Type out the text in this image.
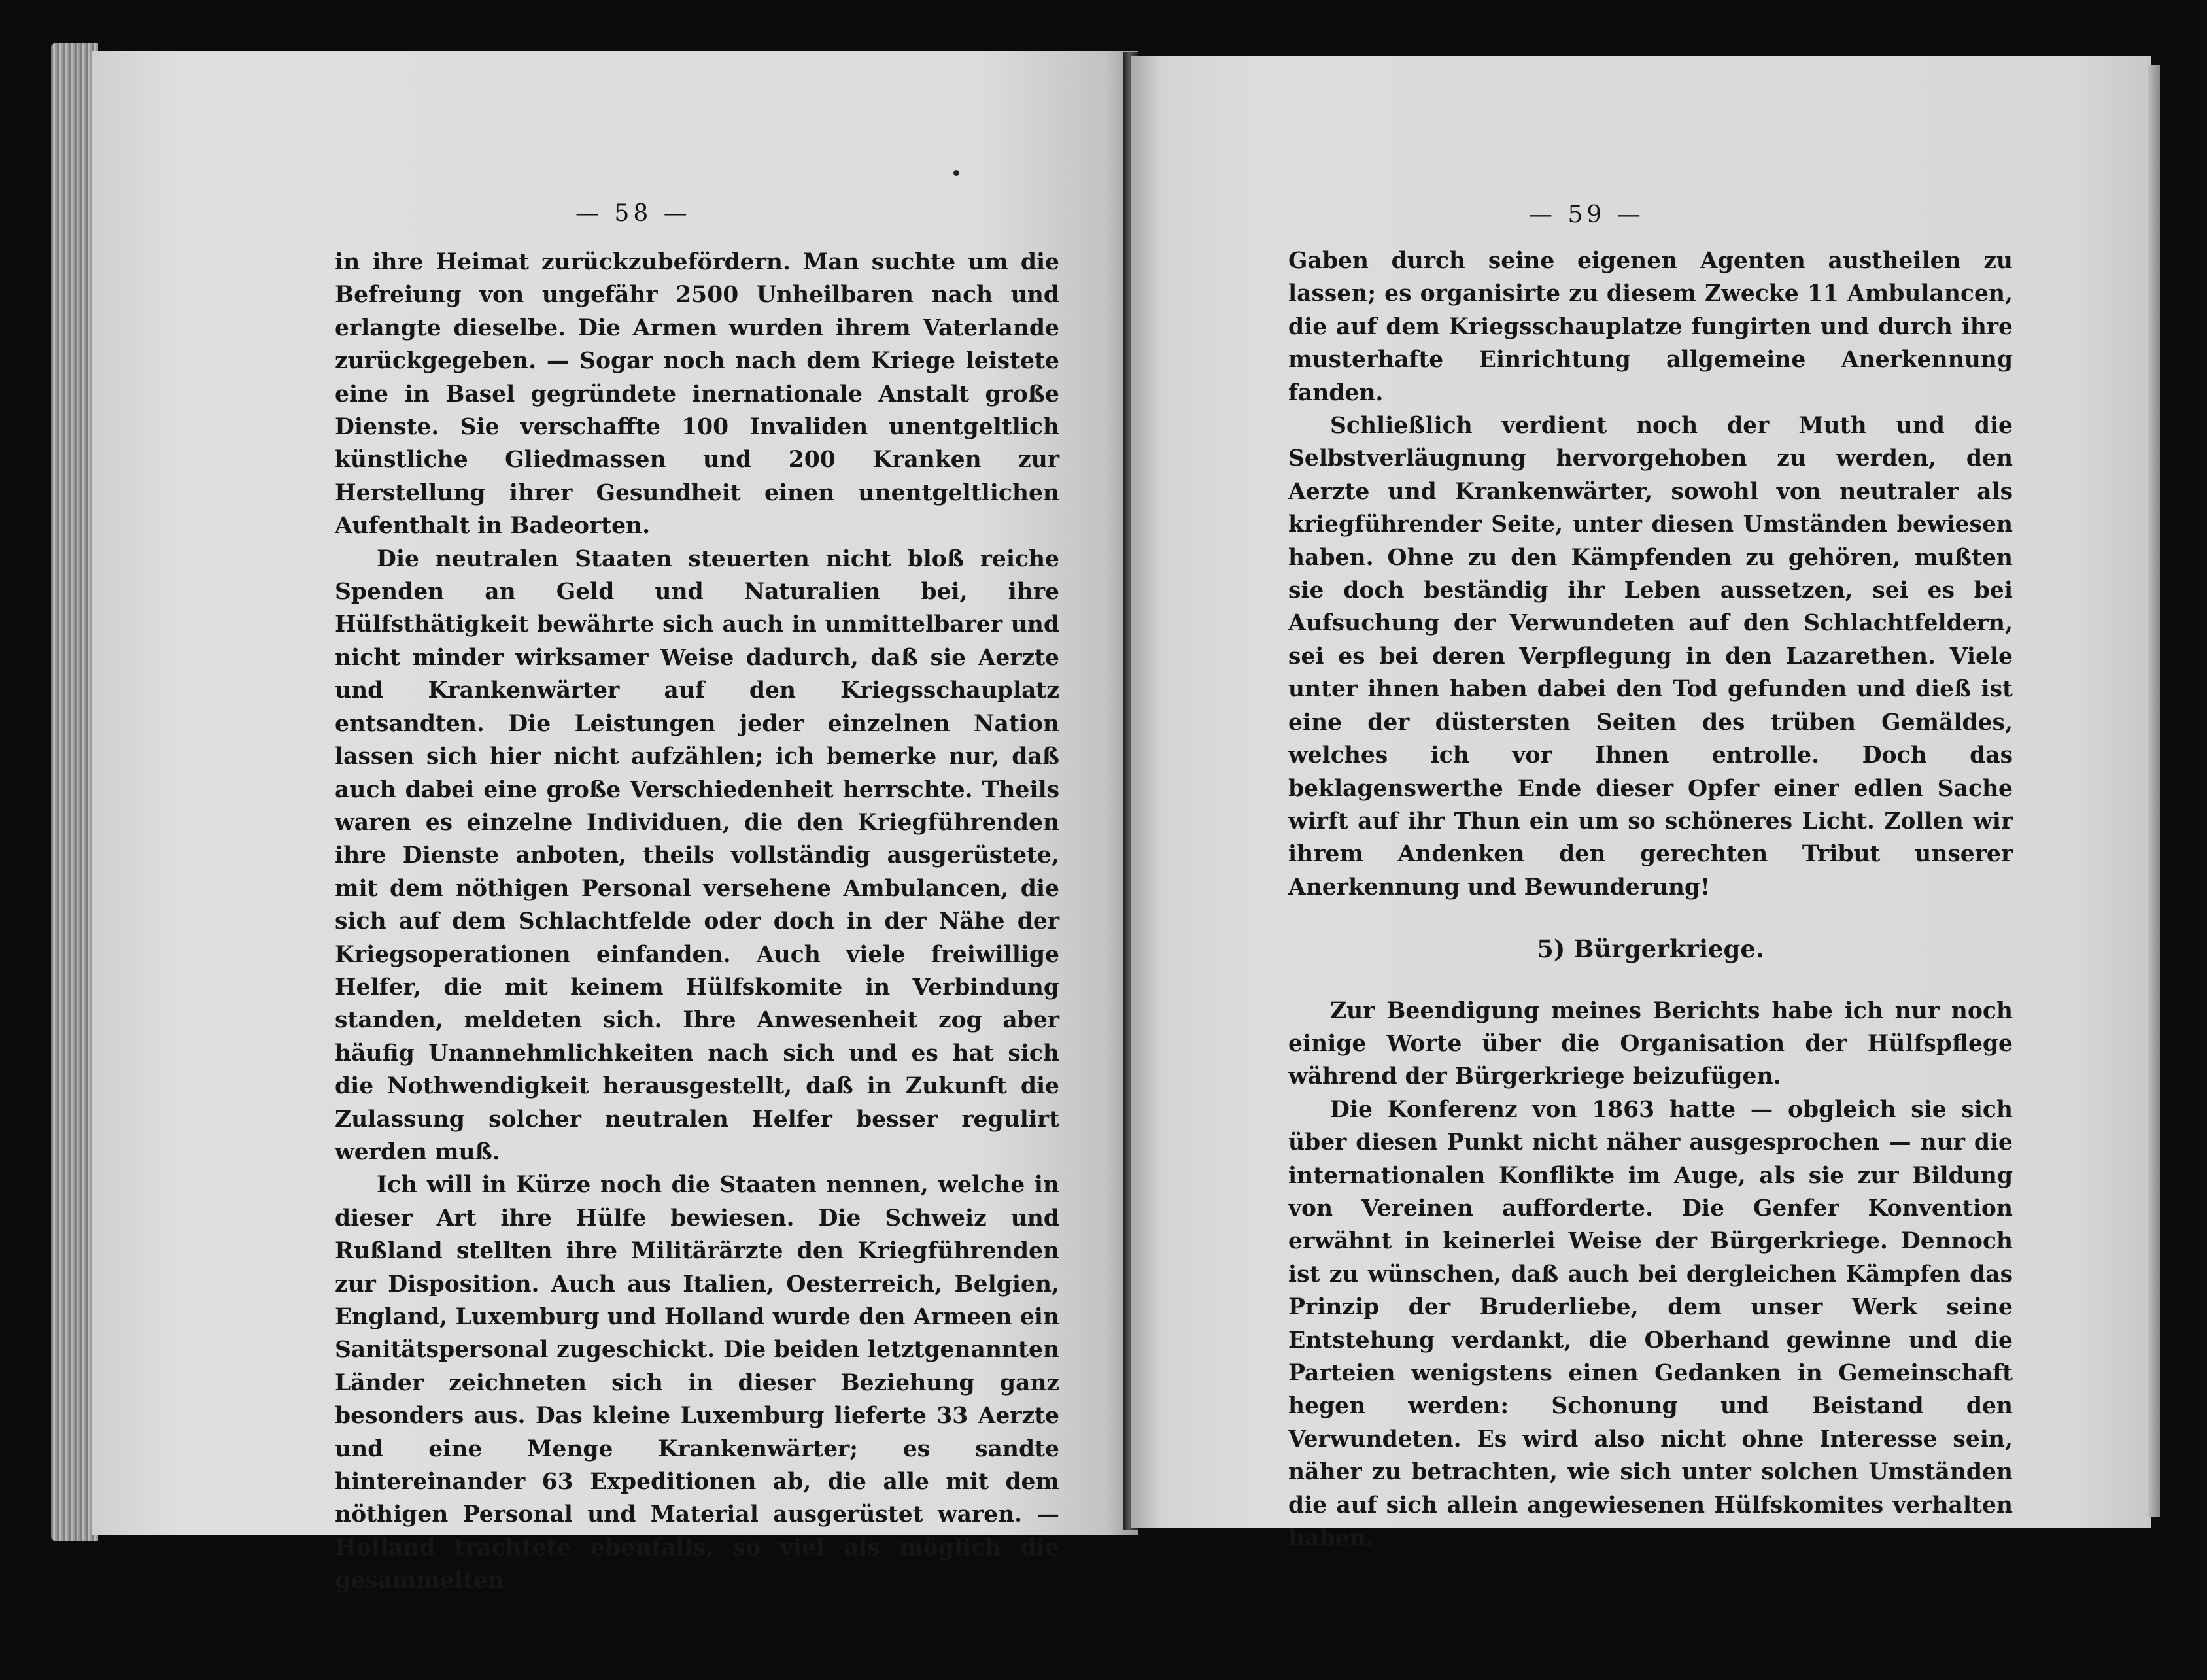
— 58 —

in ihre Heimat zurückzubefördern. Man suchte um die Befreiung von ungefähr 2500 Unheilbaren nach und erlangte dieselbe. Die Armen wurden ihrem Vaterlande zurückgegeben. — Sogar noch nach dem Kriege leistete eine in Basel gegründete inernationale Anstalt große Dienste. Sie verschaffte 100 Invaliden unentgeltlich künstliche Gliedmassen und 200 Kranken zur Herstellung ihrer Gesundheit einen unentgeltlichen Aufenthalt in Badeorten.

Die neutralen Staaten steuerten nicht bloß reiche Spenden an Geld und Naturalien bei, ihre Hülfsthätigkeit bewährte sich auch in unmittelbarer und nicht minder wirksamer Weise dadurch, daß sie Aerzte und Krankenwärter auf den Kriegsschauplatz entsandten. Die Leistungen jeder einzelnen Nation lassen sich hier nicht aufzählen; ich bemerke nur, daß auch dabei eine große Verschiedenheit herrschte. Theils waren es einzelne Individuen, die den Kriegführenden ihre Dienste anboten, theils vollständig ausgerüstete, mit dem nöthigen Personal versehene Ambulancen, die sich auf dem Schlachtfelde oder doch in der Nähe der Kriegsoperationen einfanden. Auch viele freiwillige Helfer, die mit keinem Hülfskomite in Verbindung standen, meldeten sich. Ihre Anwesenheit zog aber häufig Unannehmlichkeiten nach sich und es hat sich die Nothwendigkeit herausgestellt, daß in Zukunft die Zulassung solcher neutralen Helfer besser regulirt werden muß.

Ich will in Kürze noch die Staaten nennen, welche in dieser Art ihre Hülfe bewiesen. Die Schweiz und Rußland stellten ihre Militärärzte den Kriegführenden zur Disposition. Auch aus Italien, Oesterreich, Belgien, England, Luxemburg und Holland wurde den Armeen ein Sanitätspersonal zugeschickt. Die beiden letztgenannten Länder zeichneten sich in dieser Beziehung ganz besonders aus. Das kleine Luxemburg lieferte 33 Aerzte und eine Menge Krankenwärter; es sandte hintereinander 63 Expeditionen ab, die alle mit dem nöthigen Personal und Material ausgerüstet waren. — Holland trachtete ebenfalls, so viel als möglich die gesammelten

— 59 —

Gaben durch seine eigenen Agenten austheilen zu lassen; es organisirte zu diesem Zwecke 11 Ambulancen, die auf dem Kriegsschauplatze fungirten und durch ihre musterhafte Einrichtung allgemeine Anerkennung fanden.

Schließlich verdient noch der Muth und die Selbstverläugnung hervorgehoben zu werden, den Aerzte und Krankenwärter, sowohl von neutraler als kriegführender Seite, unter diesen Umständen bewiesen haben. Ohne zu den Kämpfenden zu gehören, mußten sie doch beständig ihr Leben aussetzen, sei es bei Aufsuchung der Verwundeten auf den Schlachtfeldern, sei es bei deren Verpflegung in den Lazarethen. Viele unter ihnen haben dabei den Tod gefunden und dieß ist eine der düstersten Seiten des trüben Gemäldes, welches ich vor Ihnen entrolle. Doch das beklagenswerthe Ende dieser Opfer einer edlen Sache wirft auf ihr Thun ein um so schöneres Licht. Zollen wir ihrem Andenken den gerechten Tribut unserer Anerkennung und Bewunderung!

5) Bürgerkriege.

Zur Beendigung meines Berichts habe ich nur noch einige Worte über die Organisation der Hülfspflege während der Bürgerkriege beizufügen.

Die Konferenz von 1863 hatte — obgleich sie sich über diesen Punkt nicht näher ausgesprochen — nur die internationalen Konflikte im Auge, als sie zur Bildung von Vereinen aufforderte. Die Genfer Konvention erwähnt in keinerlei Weise der Bürgerkriege. Dennoch ist zu wünschen, daß auch bei dergleichen Kämpfen das Prinzip der Bruderliebe, dem unser Werk seine Entstehung verdankt, die Oberhand gewinne und die Parteien wenigstens einen Gedanken in Gemeinschaft hegen werden: Schonung und Beistand den Verwundeten. Es wird also nicht ohne Interesse sein, näher zu betrachten, wie sich unter solchen Umständen die auf sich allein angewiesenen Hülfskomites verhalten haben.
